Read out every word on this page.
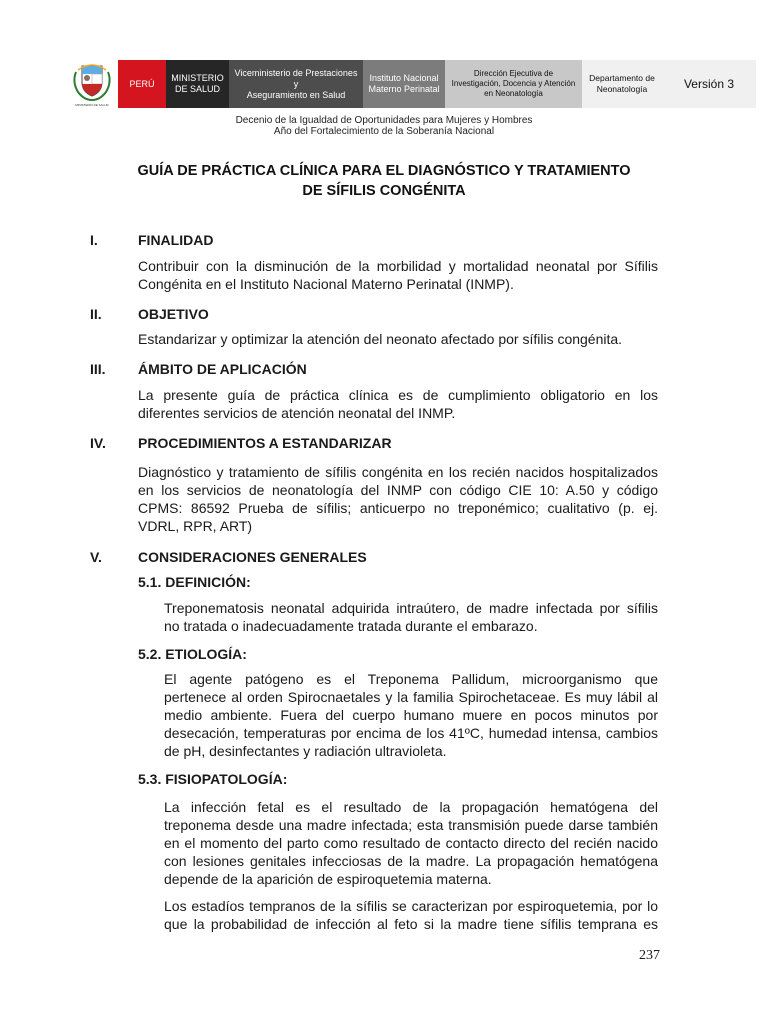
MINISTERIO DE SALUD
PERÚ
MINISTERIO
DE SALUD
Viceministerio de Prestaciones y
Aseguramiento en Salud
Instituto Nacional
Materno Perinatal
Dirección Ejecutiva de
Investigación, Docencia y Atención
en Neonatología
Departamento de
Neonatología	Versión 3
Decenio de la Igualdad de Oportunidades para Mujeres y Hombres
Año del Fortalecimiento de la Soberanía Nacional
GUÍA DE PRÁCTICA CLÍNICA PARA EL DIAGNÓSTICO Y TRATAMIENTO
DE SÍFILIS CONGÉNITA
I.	FINALIDAD
Contribuir con la disminución de la morbilidad y mortalidad neonatal por Sífilis
Congénita en el Instituto Nacional Materno Perinatal (INMP).
II.	OBJETIVO
Estandarizar y optimizar la atención del neonato afectado por sífilis congénita.
III. ÁMBITO DE APLICACIÓN
La presente guía de práctica clínica es de cumplimiento obligatorio en los
diferentes servicios de atención neonatal del INMP.
IV. PROCEDIMIENTOS A ESTANDARIZAR
Diagnóstico y tratamiento de sífilis congénita en los recién nacidos hospitalizados
en los servicios de neonatología del INMP con código CIE 10: A.50 y código
CPMS: 86592 Prueba de sífilis; anticuerpo no treponémico; cualitativo (p. ej.
VDRL, RPR, ART)
V.	CONSIDERACIONES GENERALES
5.1. DEFINICIÓN:
Treponematosis neonatal adquirida intraútero, de madre infectada por sífilis
no tratada o inadecuadamente tratada durante el embarazo.
5.2. ETIOLOGÍA:
El agente patógeno es el Treponema Pallidum, microorganismo que
pertenece al orden Spirocnaetales y la familia Spirochetaceae. Es muy lábil al
medio ambiente. Fuera del cuerpo humano muere en pocos minutos por
desecación, temperaturas por encima de los 41ºC, humedad intensa, cambios
de pH, desinfectantes y radiación ultravioleta.
5.3. FISIOPATOLOGÍA:
La infección fetal es el resultado de la propagación hematógena del
treponema desde una madre infectada; esta transmisión puede darse también
en el momento del parto como resultado de contacto directo del recién nacido
con lesiones genitales infecciosas de la madre. La propagación hematógena
depende de la aparición de espiroquetemia materna.
Los estadíos tempranos de la sífilis se caracterizan por espiroquetemia, por lo
que la probabilidad de infección al feto si la madre tiene sífilis temprana es
237
